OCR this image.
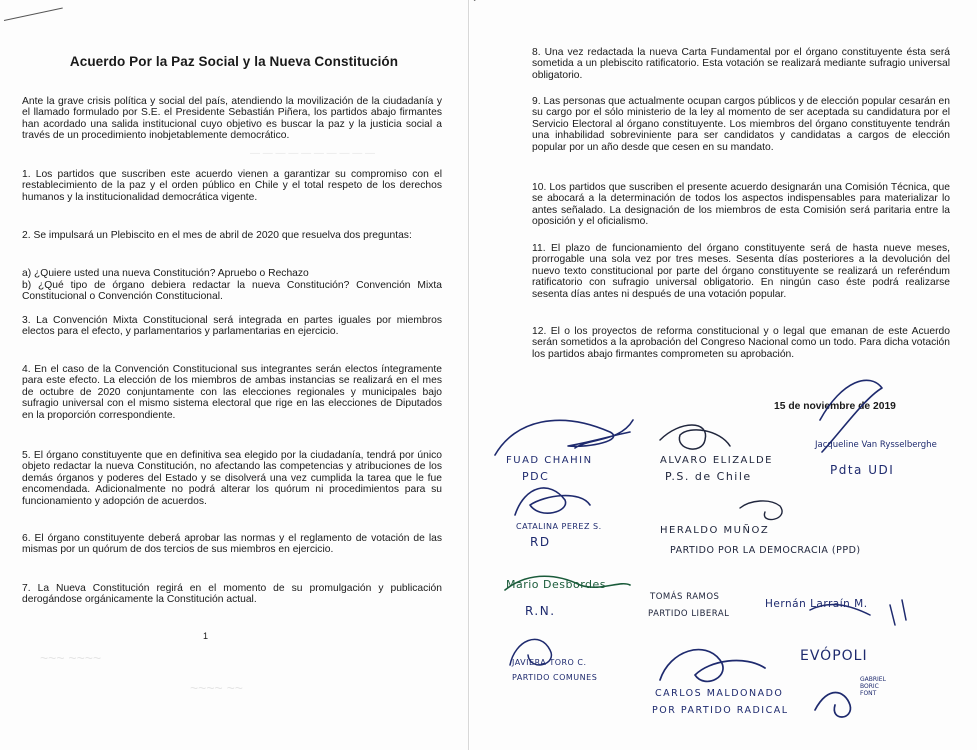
— — — — — — — — — —
Acuerdo Por la Paz Social y la Nueva Constitución

Ante la grave crisis política y social del país, atendiendo la movilización de la ciudadanía y el llamado formulado por S.E. el Presidente Sebastián Piñera, los partidos abajo firmantes han acordado una salida institucional cuyo objetivo es buscar la paz y la justicia social a través de un procedimiento inobjetablemente democrático.

1. Los partidos que suscriben este acuerdo vienen a garantizar su compromiso con el restablecimiento de la paz y el orden público en Chile y el total respeto de los derechos humanos y la institucionalidad democrática vigente.

2. Se impulsará un Plebiscito en el mes de abril de 2020 que resuelva dos preguntas:

a) ¿Quiere usted una nueva Constitución? Apruebo o Rechazo

b) ¿Qué tipo de órgano debiera redactar la nueva Constitución? Convención Mixta Constitucional o Convención Constitucional.

3. La Convención Mixta Constitucional será integrada en partes iguales por miembros electos para el efecto, y parlamentarios y parlamentarias en ejercicio.

4. En el caso de la Convención Constitucional sus integrantes serán electos íntegramente para este efecto. La elección de los miembros de ambas instancias se realizará en el mes de octubre de 2020 conjuntamente con las elecciones regionales y municipales bajo sufragio universal con el mismo sistema electoral que rige en las elecciones de Diputados en la proporción correspondiente.

5. El órgano constituyente que en definitiva sea elegido por la ciudadanía, tendrá por único objeto redactar la nueva Constitución, no afectando las competencias y atribuciones de los demás órganos y poderes del Estado y se disolverá una vez cumplida la tarea que le fue encomendada. Adicionalmente no podrá alterar los quórum ni procedimientos para su funcionamiento y adopción de acuerdos.

6. El órgano constituyente deberá aprobar las normas y el reglamento de votación de las mismas por un quórum de dos tercios de sus miembros en ejercicio.

7. La Nueva Constitución regirá en el momento de su promulgación y publicación derogándose orgánicamente la Constitución actual.

1
~~~ ~~~~
~~~~ ~~

8. Una vez redactada la nueva Carta Fundamental por el órgano constituyente ésta será sometida a un plebiscito ratificatorio. Esta votación se realizará mediante sufragio universal obligatorio.

9. Las personas que actualmente ocupan cargos públicos y de elección popular cesarán en su cargo por el sólo ministerio de la ley al momento de ser aceptada su candidatura por el Servicio Electoral al órgano constituyente. Los miembros del órgano constituyente tendrán una inhabilidad sobreviniente para ser candidatos y candidatas a cargos de elección popular por un año desde que cesen en su mandato.

10. Los partidos que suscriben el presente acuerdo designarán una Comisión Técnica, que se abocará a la determinación de todos los aspectos indispensables para materializar lo antes señalado. La designación de los miembros de esta Comisión será paritaria entre la oposición y el oficialismo.

11. El plazo de funcionamiento del órgano constituyente será de hasta nueve meses, prorrogable una sola vez por tres meses. Sesenta días posteriores a la devolución del nuevo texto constitucional por parte del órgano constituyente se realizará un referéndum ratificatorio con sufragio universal obligatorio. En ningún caso éste podrá realizarse sesenta días antes ni después de una votación popular.

12. El o los proyectos de reforma constitucional y o legal que emanan de este Acuerdo serán sometidos a la aprobación del Congreso Nacional como un todo. Para dicha votación los partidos abajo firmantes comprometen su aprobación.

15 de noviembre de 2019
FUAD CHAHIN
PDC
ALVARO ELIZALDE
P.S. de Chile
Jacqueline Van Rysselberghe
Pdta UDI
CATALINA PEREZ S.
RD
HERALDO MUÑOZ
PARTIDO POR LA DEMOCRACIA (PPD)
Mario Desbordes
R.N.
TOMÁS RAMOS
PARTIDO LIBERAL
Hernán Larraín M.
JAVIERA TORO C.
PARTIDO COMUNES
CARLOS MALDONADO
POR PARTIDO RADICAL
EVÓPOLI
GABRIEL BORIC FONT
